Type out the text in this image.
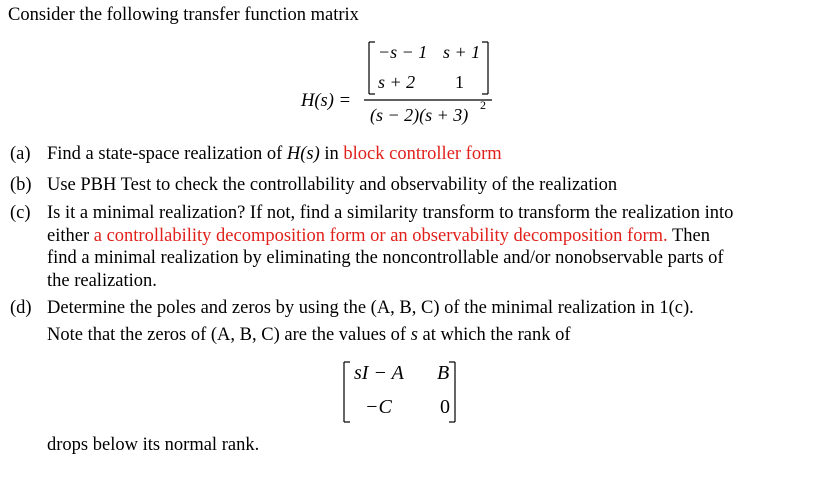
Consider the following transfer function matrix
H(s) =
−s − 1 s + 1
s + 2 1
(s − 2)(s + 3) 2
(a) Find a state-space realization of H(s) in block controller form
(b) Use PBH Test to check the controllability and observability of the realization
(c) Is it a minimal realization? If not, find a similarity transform to transform the realization into
either a controllability decomposition form or an observability decomposition form. Then
find a minimal realization by eliminating the noncontrollable and/or nonobservable parts of
the realization.
(d) Determine the poles and zeros by using the (A, B, C) of the minimal realization in 1(c).
Note that the zeros of (A, B, C) are the values of s at which the rank of
sI − A B
−C 0
drops below its normal rank.
